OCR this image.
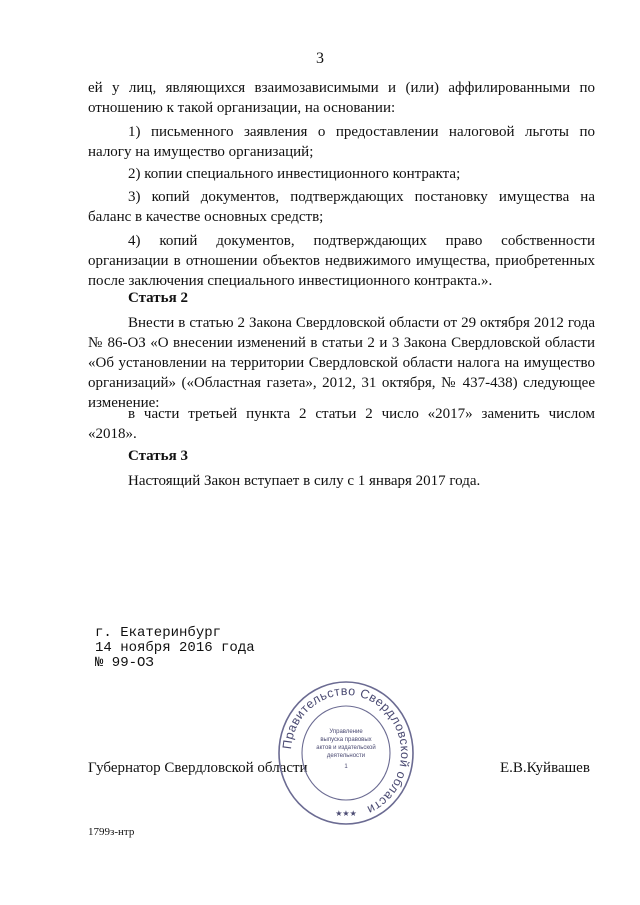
3
ей у лиц, являющихся взаимозависимыми и (или) аффилированными по отношению к такой организации, на основании:
1) письменного заявления о предоставлении налоговой льготы по налогу на имущество организаций;
2) копии специального инвестиционного контракта;
3) копий документов, подтверждающих постановку имущества на баланс в качестве основных средств;
4) копий документов, подтверждающих право собственности организации в отношении объектов недвижимого имущества, приобретенных после заключения специального инвестиционного контракта.».
Статья 2
Внести в статью 2 Закона Свердловской области от 29 октября 2012 года № 86-ОЗ «О внесении изменений в статьи 2 и 3 Закона Свердловской области «Об установлении на территории Свердловской области налога на имущество организаций» («Областная газета», 2012, 31 октября, № 437-438) следующее изменение:
в части третьей пункта 2 статьи 2 число «2017» заменить числом «2018».
Статья 3
Настоящий Закон вступает в силу с 1 января 2017 года.
Губернатор Свердловской области	Е.В.Куйвашев
Правительство Свердловской области
Управление
выпуска правовых
актов и издательской
деятельности
1
★★★
г. Екатеринбург
14 ноября 2016 года
№ 99-ОЗ
1799з-нтр
